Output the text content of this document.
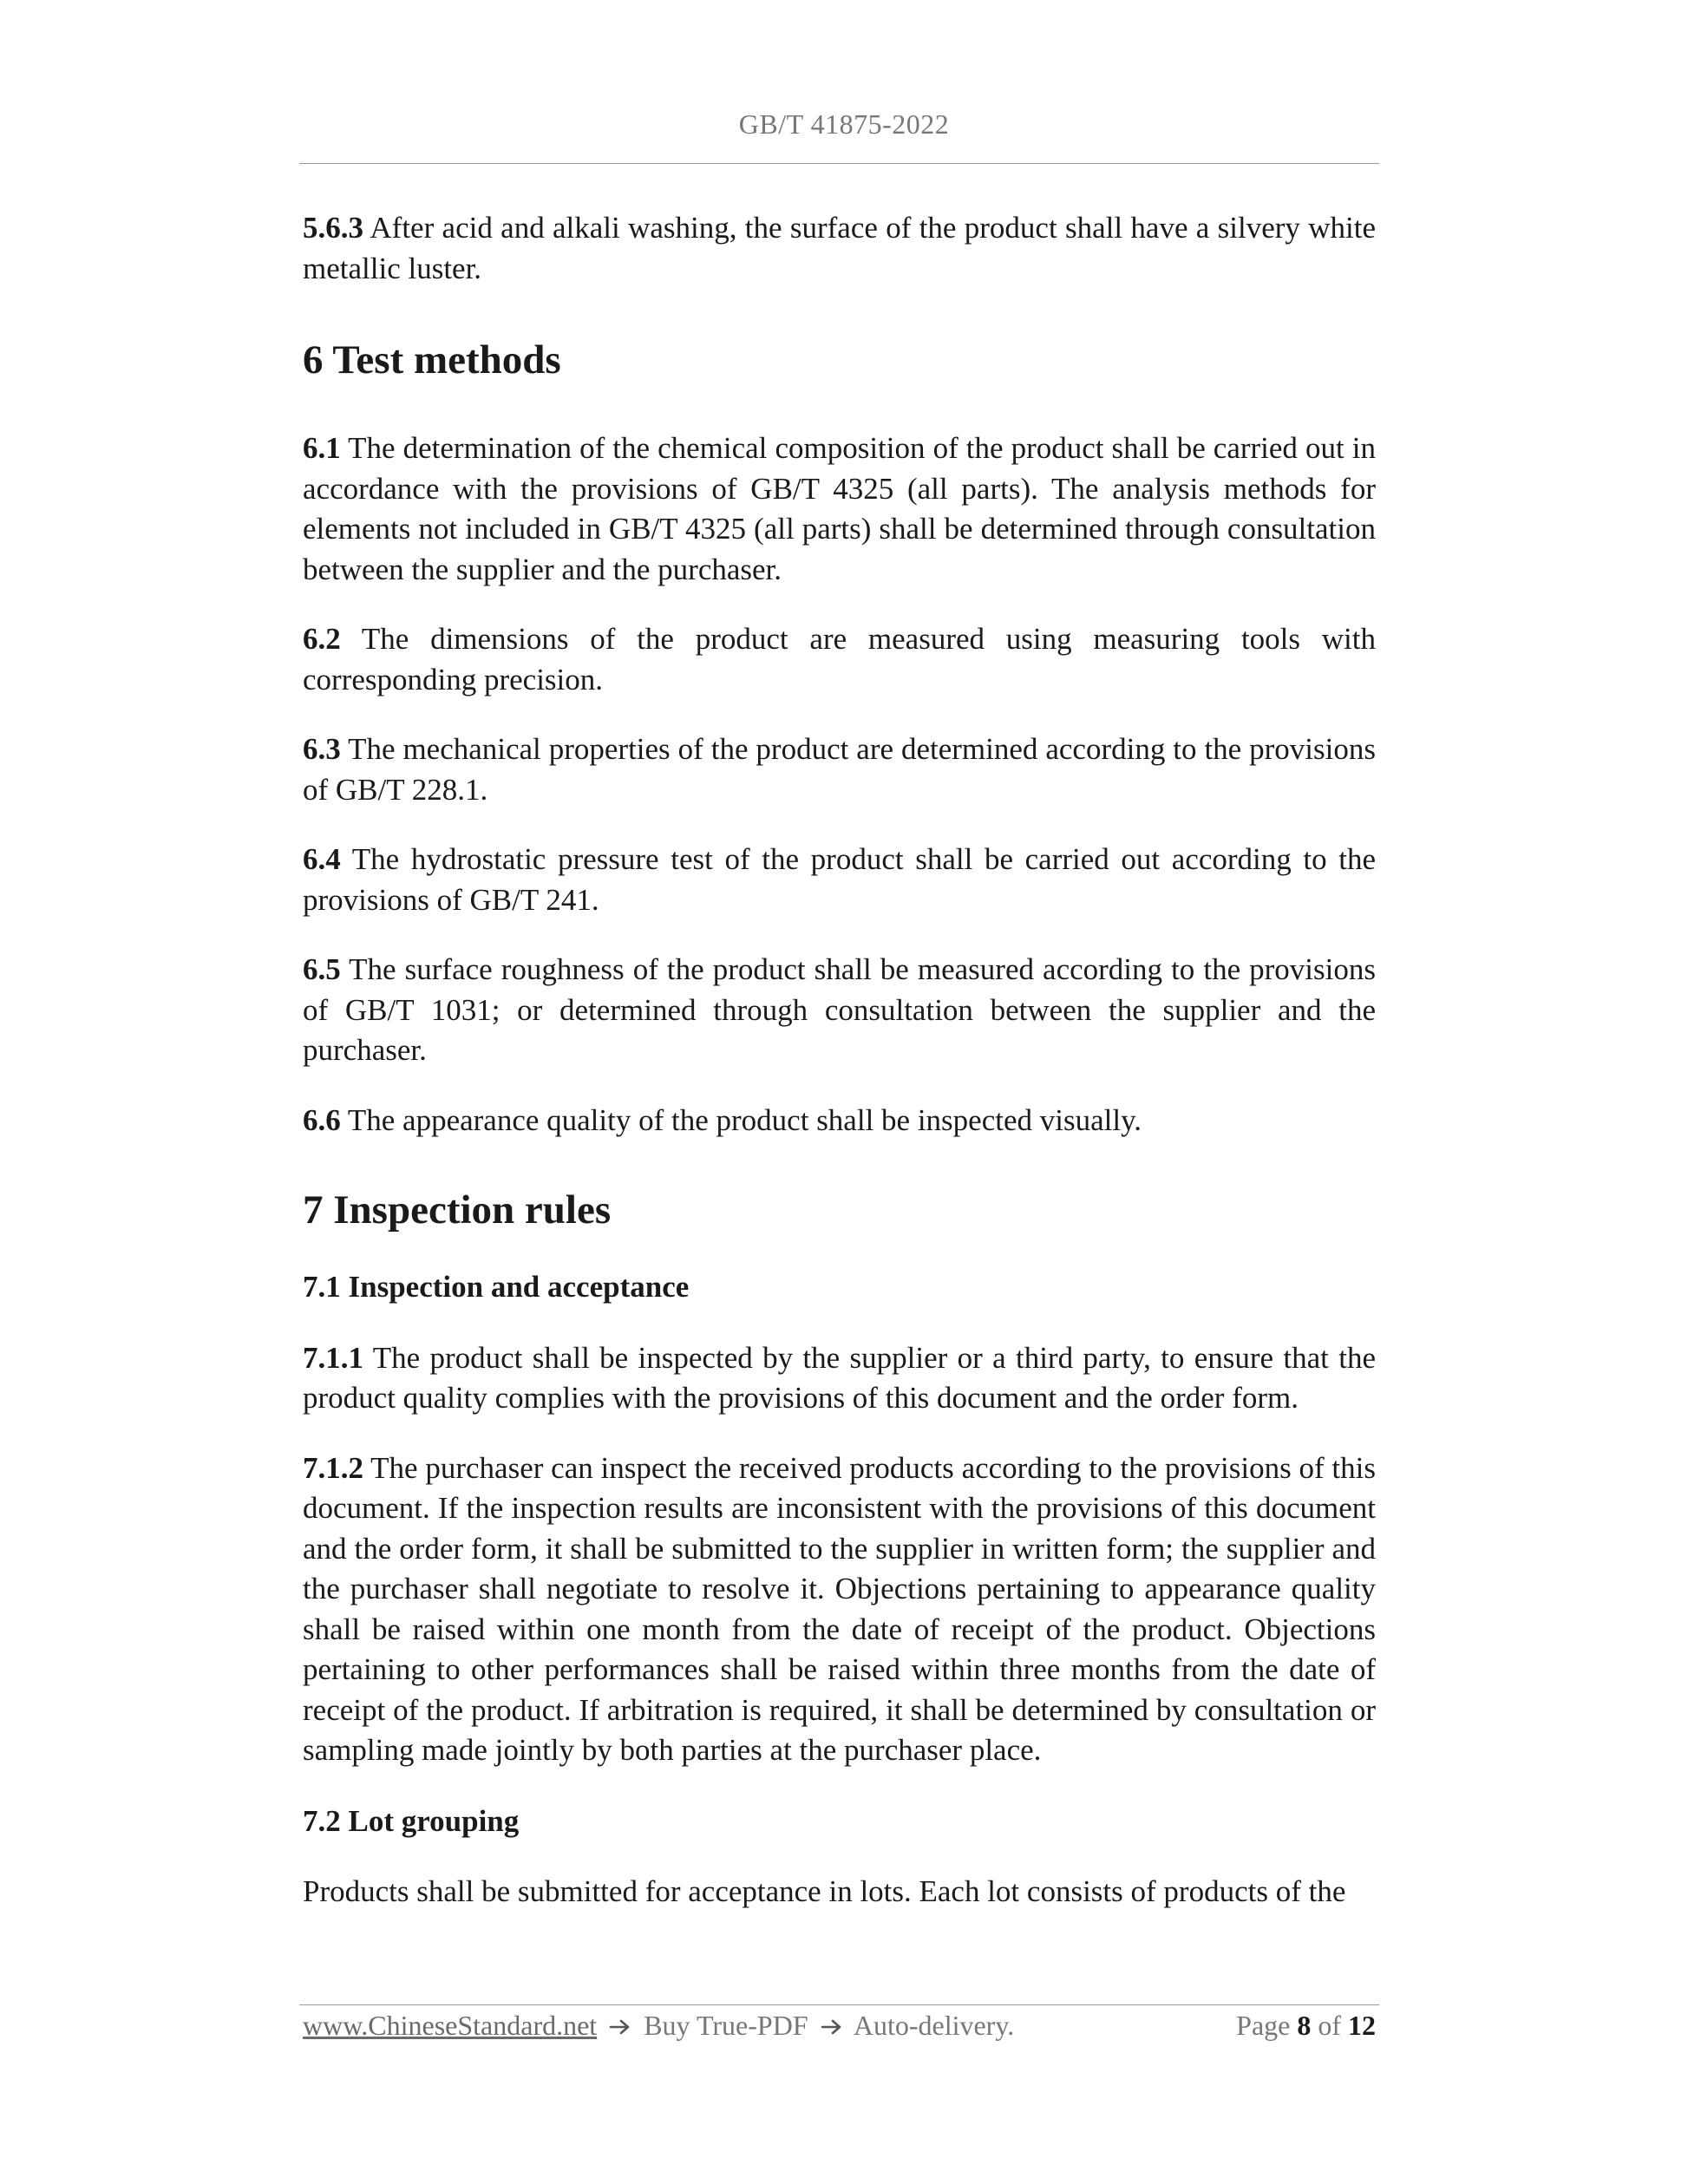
GB/T 41875-2022

5.6.3 After acid and alkali washing, the surface of the product shall have a silvery white metallic luster.

6 Test methods

6.1 The determination of the chemical composition of the product shall be carried out in accordance with the provisions of GB/T 4325 (all parts). The analysis methods for elements not included in GB/T 4325 (all parts) shall be determined through consultation between the supplier and the purchaser.

6.2 The dimensions of the product are measured using measuring tools with corresponding precision.

6.3 The mechanical properties of the product are determined according to the provisions of GB/T 228.1.

6.4 The hydrostatic pressure test of the product shall be carried out according to the provisions of GB/T 241.

6.5 The surface roughness of the product shall be measured according to the provisions of GB/T 1031; or determined through consultation between the supplier and the purchaser.

6.6 The appearance quality of the product shall be inspected visually.

7 Inspection rules
7.1 Inspection and acceptance

7.1.1 The product shall be inspected by the supplier or a third party, to ensure that the product quality complies with the provisions of this document and the order form.

7.1.2 The purchaser can inspect the received products according to the provisions of this document. If the inspection results are inconsistent with the provisions of this document and the order form, it shall be submitted to the supplier in written form; the supplier and the purchaser shall negotiate to resolve it. Objections pertaining to appearance quality shall be raised within one month from the date of receipt of the product. Objections pertaining to other performances shall be raised within three months from the date of receipt of the product. If arbitration is required, it shall be determined by consultation or sampling made jointly by both parties at the purchaser place.

7.2 Lot grouping

Products shall be submitted for acceptance in lots. Each lot consists of products of the

www.ChineseStandard.net Buy True-PDF Auto-delivery.	Page 8 of 12
